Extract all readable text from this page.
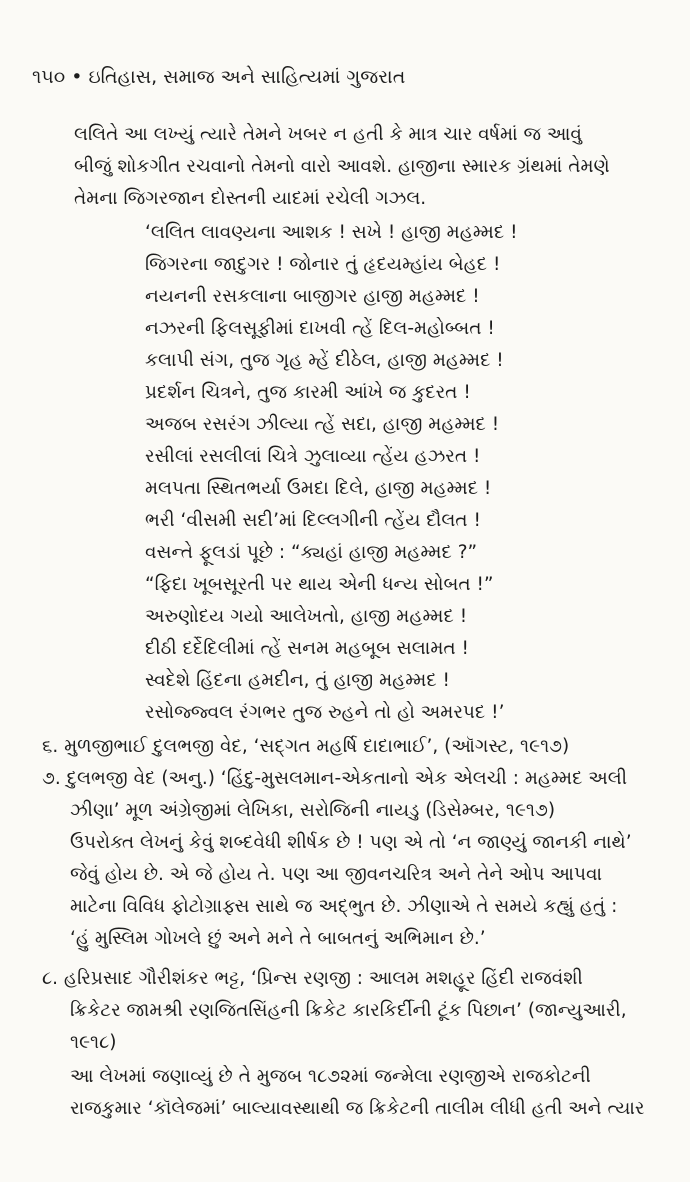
૧૫૦ • ઇતિહાસ, સમાજ અને સાહિત્યમાં ગુજરાત
લલિતે આ લખ્યું ત્યારે તેમને ખબર ન હતી કે માત્ર ચાર વર્ષમાં જ આવું
બીજું શોકગીત રચવાનો તેમનો વારો આવશે. હાજીના સ્મારક ગ્રંથમાં તેમણે
તેમના જિગરજાન દોસ્તની યાદમાં રચેલી ગઝલ.
‘લલિત લાવણ્યના આશક ! સખે ! હાજી મહમ્મદ !
જિગરના જાદુગર ! જોનાર તું હૃદયમ્હાંય બેહદ !
નયનની રસકલાના બાજીગર હાજી મહમ્મદ !
નઝરની ફિલસૂફીમાં દાખવી ત્હેં દિલ-મહોબ્બત !
કલાપી સંગ, તુજ ગૃહ મ્હેં દીઠેલ, હાજી મહમ્મદ !
પ્રદર્શન ચિત્રને, તુજ કારમી આંખે જ કુદરત !
અજબ રસરંગ ઝીલ્યા ત્હેં સદા, હાજી મહમ્મદ !
રસીલાં રસલીલાં ચિત્રે ઝુલાવ્યા ત્હેંય હઝરત !
મલપતા સ્થિતભર્યા ઉમદા દિલે, હાજી મહમ્મદ !
ભરી ‘વીસમી સદી’માં દિલ્લગીની ત્હેંય દૌલત !
વસન્તે ફૂલડાં પૂછે : “ક્યહાં હાજી મહમ્મદ ?”
“ફિદા ખૂબસૂરતી પર થાય એની ધન્ય સોબત !”
અરુણોદય ગયો આલેખતો, હાજી મહમ્મદ !
દીઠી દર્દેદિલીમાં ત્હેં સનમ મહબૂબ સલામત !
સ્વદેશે હિંદના હમદીન, તું હાજી મહમ્મદ !
રસોજ્જ્વલ રંગભર તુજ રુહને તો હો અમરપદ !’
૬. મુળજીભાઈ દુલભજી વેદ, ‘સદ્ગત મહર્ષિ દાદાભાઈ’, (ઑગસ્ટ, ૧૯૧૭)
૭. દુલભજી વેદ (અનુ.) ‘હિંદુ-મુસલમાન-એકતાનો એક એલચી : મહમ્મદ અલી
ઝીણા’ મૂળ અંગ્રેજીમાં લેખિકા, સરોજિની નાયડુ (ડિસેમ્બર, ૧૯૧૭)
ઉપરોક્ત લેખનું કેવું શબ્દવેધી શીર્ષક છે ! પણ એ તો ‘ન જાણ્યું જાનકી નાથે’
જેવું હોય છે. એ જે હોય તે. પણ આ જીવનચરિત્ર અને તેને ઓપ આપવા
માટેના વિવિધ ફોટોગ્રાફ્સ સાથે જ અદ્ભુત છે. ઝીણાએ તે સમયે કહ્યું હતું :
‘હું મુસ્લિમ ગોખલે છું અને મને તે બાબતનું અભિમાન છે.’
૮. હરિપ્રસાદ ગૌરીશંકર ભટ્ટ, ‘પ્રિન્સ રણજી : આલમ મશહૂર હિંદી રાજવંશી
ક્રિકેટર જામશ્રી રણજિતસિંહની ક્રિકેટ કારકિર્દીની ટૂંક પિછાન’ (જાન્યુઆરી,
૧૯૧૮)
આ લેખમાં જણાવ્યું છે તે મુજબ ૧૮૭૨માં જન્મેલા રણજીએ રાજકોટની
રાજકુમાર ‘કૉલેજમાં’ બાલ્યાવસ્થાથી જ ક્રિકેટની તાલીમ લીધી હતી અને ત્યાર
